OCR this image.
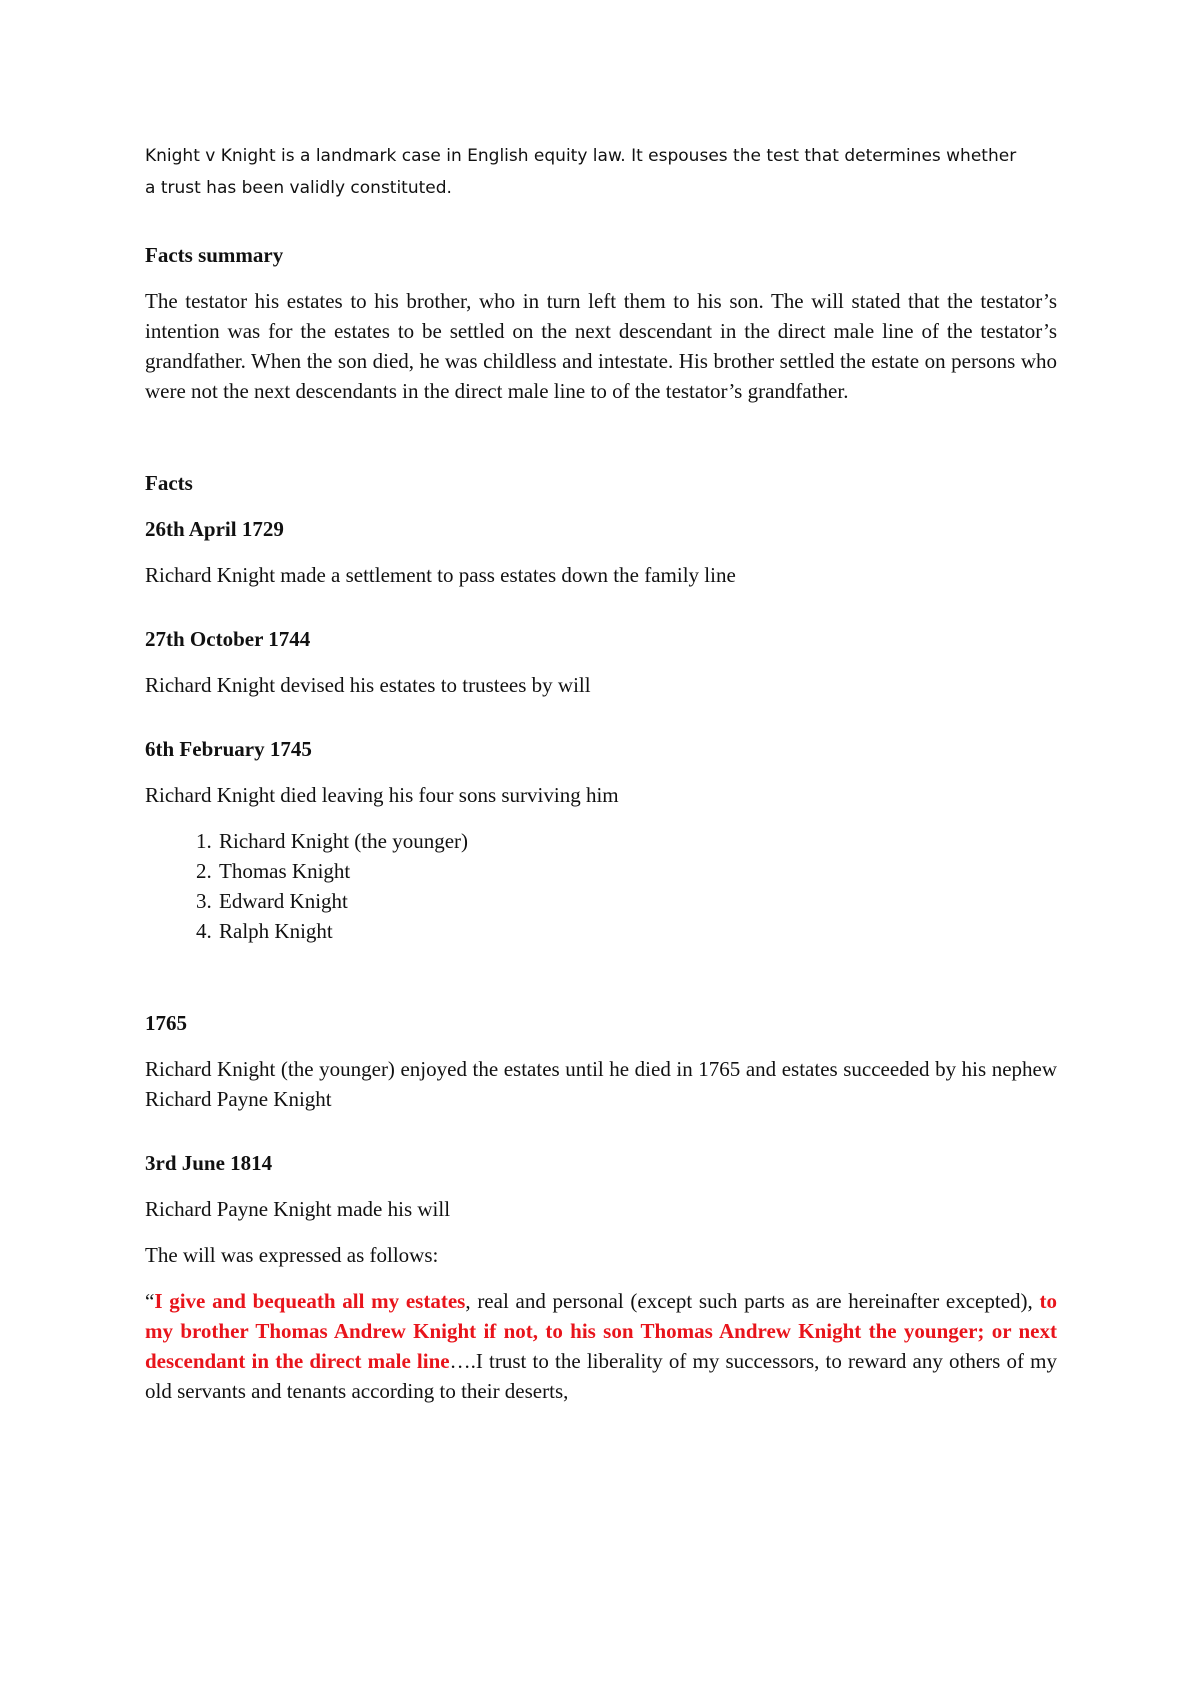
Knight v Knight is a landmark case in English equity law. It espouses the test that determines whether
a trust has been validly constituted.
Facts summary

The testator his estates to his brother, who in turn left them to his son. The will stated that the testator’s intention was for the estates to be settled on the next descendant in the direct male line of the testator’s grandfather. When the son died, he was childless and intestate. His brother settled the estate on persons who were not the next descendants in the direct male line to of the testator’s grandfather.

Facts
26th April 1729

Richard Knight made a settlement to pass estates down the family line

27th October 1744

Richard Knight devised his estates to trustees by will

6th February 1745

Richard Knight died leaving his four sons surviving him

1. Richard Knight (the younger)
2. Thomas Knight
3. Edward Knight
4. Ralph Knight
1765

Richard Knight (the younger) enjoyed the estates until he died in 1765 and estates succeeded by his nephew Richard Payne Knight

3rd June 1814

Richard Payne Knight made his will

The will was expressed as follows:

“I give and bequeath all my estates, real and personal (except such parts as are hereinafter excepted), to my brother Thomas Andrew Knight if not, to his son Thomas Andrew Knight the younger; or next descendant in the direct male line….I trust to the liberality of my successors, to reward any others of my old servants and tenants according to their deserts,
